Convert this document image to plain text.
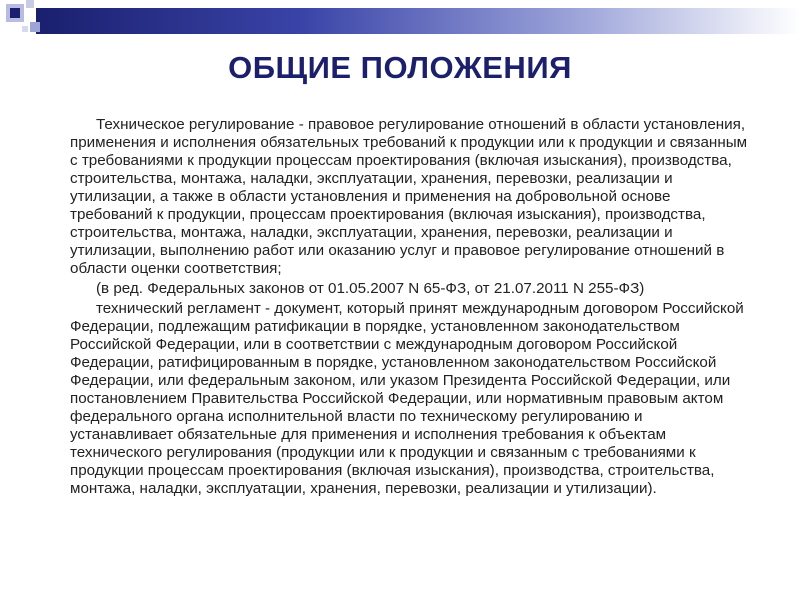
ОБЩИЕ ПОЛОЖЕНИЯ

Техническое регулирование - правовое регулирование отношений в области установления, применения и исполнения обязательных требований к продукции или к продукции и связанным с требованиями к продукции процессам проектирования (включая изыскания), производства, строительства, монтажа, наладки, эксплуатации, хранения, перевозки, реализации и утилизации, а также в области установления и применения на добровольной основе требований к продукции, процессам проектирования (включая изыскания), производства, строительства, монтажа, наладки, эксплуатации, хранения, перевозки, реализации и утилизации, выполнению работ или оказанию услуг и правовое регулирование отношений в области оценки соответствия;

(в ред. Федеральных законов от 01.05.2007 N 65-ФЗ, от 21.07.2011 N 255-ФЗ)

технический регламент - документ, который принят международным договором Российской Федерации, подлежащим ратификации в порядке, установленном законодательством Российской Федерации, или в соответствии с международным договором Российской Федерации, ратифицированным в порядке, установленном законодательством Российской Федерации, или федеральным законом, или указом Президента Российской Федерации, или постановлением Правительства Российской Федерации, или нормативным правовым актом федерального органа исполнительной власти по техническому регулированию и устанавливает обязательные для применения и исполнения требования к объектам технического регулирования (продукции или к продукции и связанным с требованиями к продукции процессам проектирования (включая изыскания), производства, строительства, монтажа, наладки, эксплуатации, хранения, перевозки, реализации и утилизации).
